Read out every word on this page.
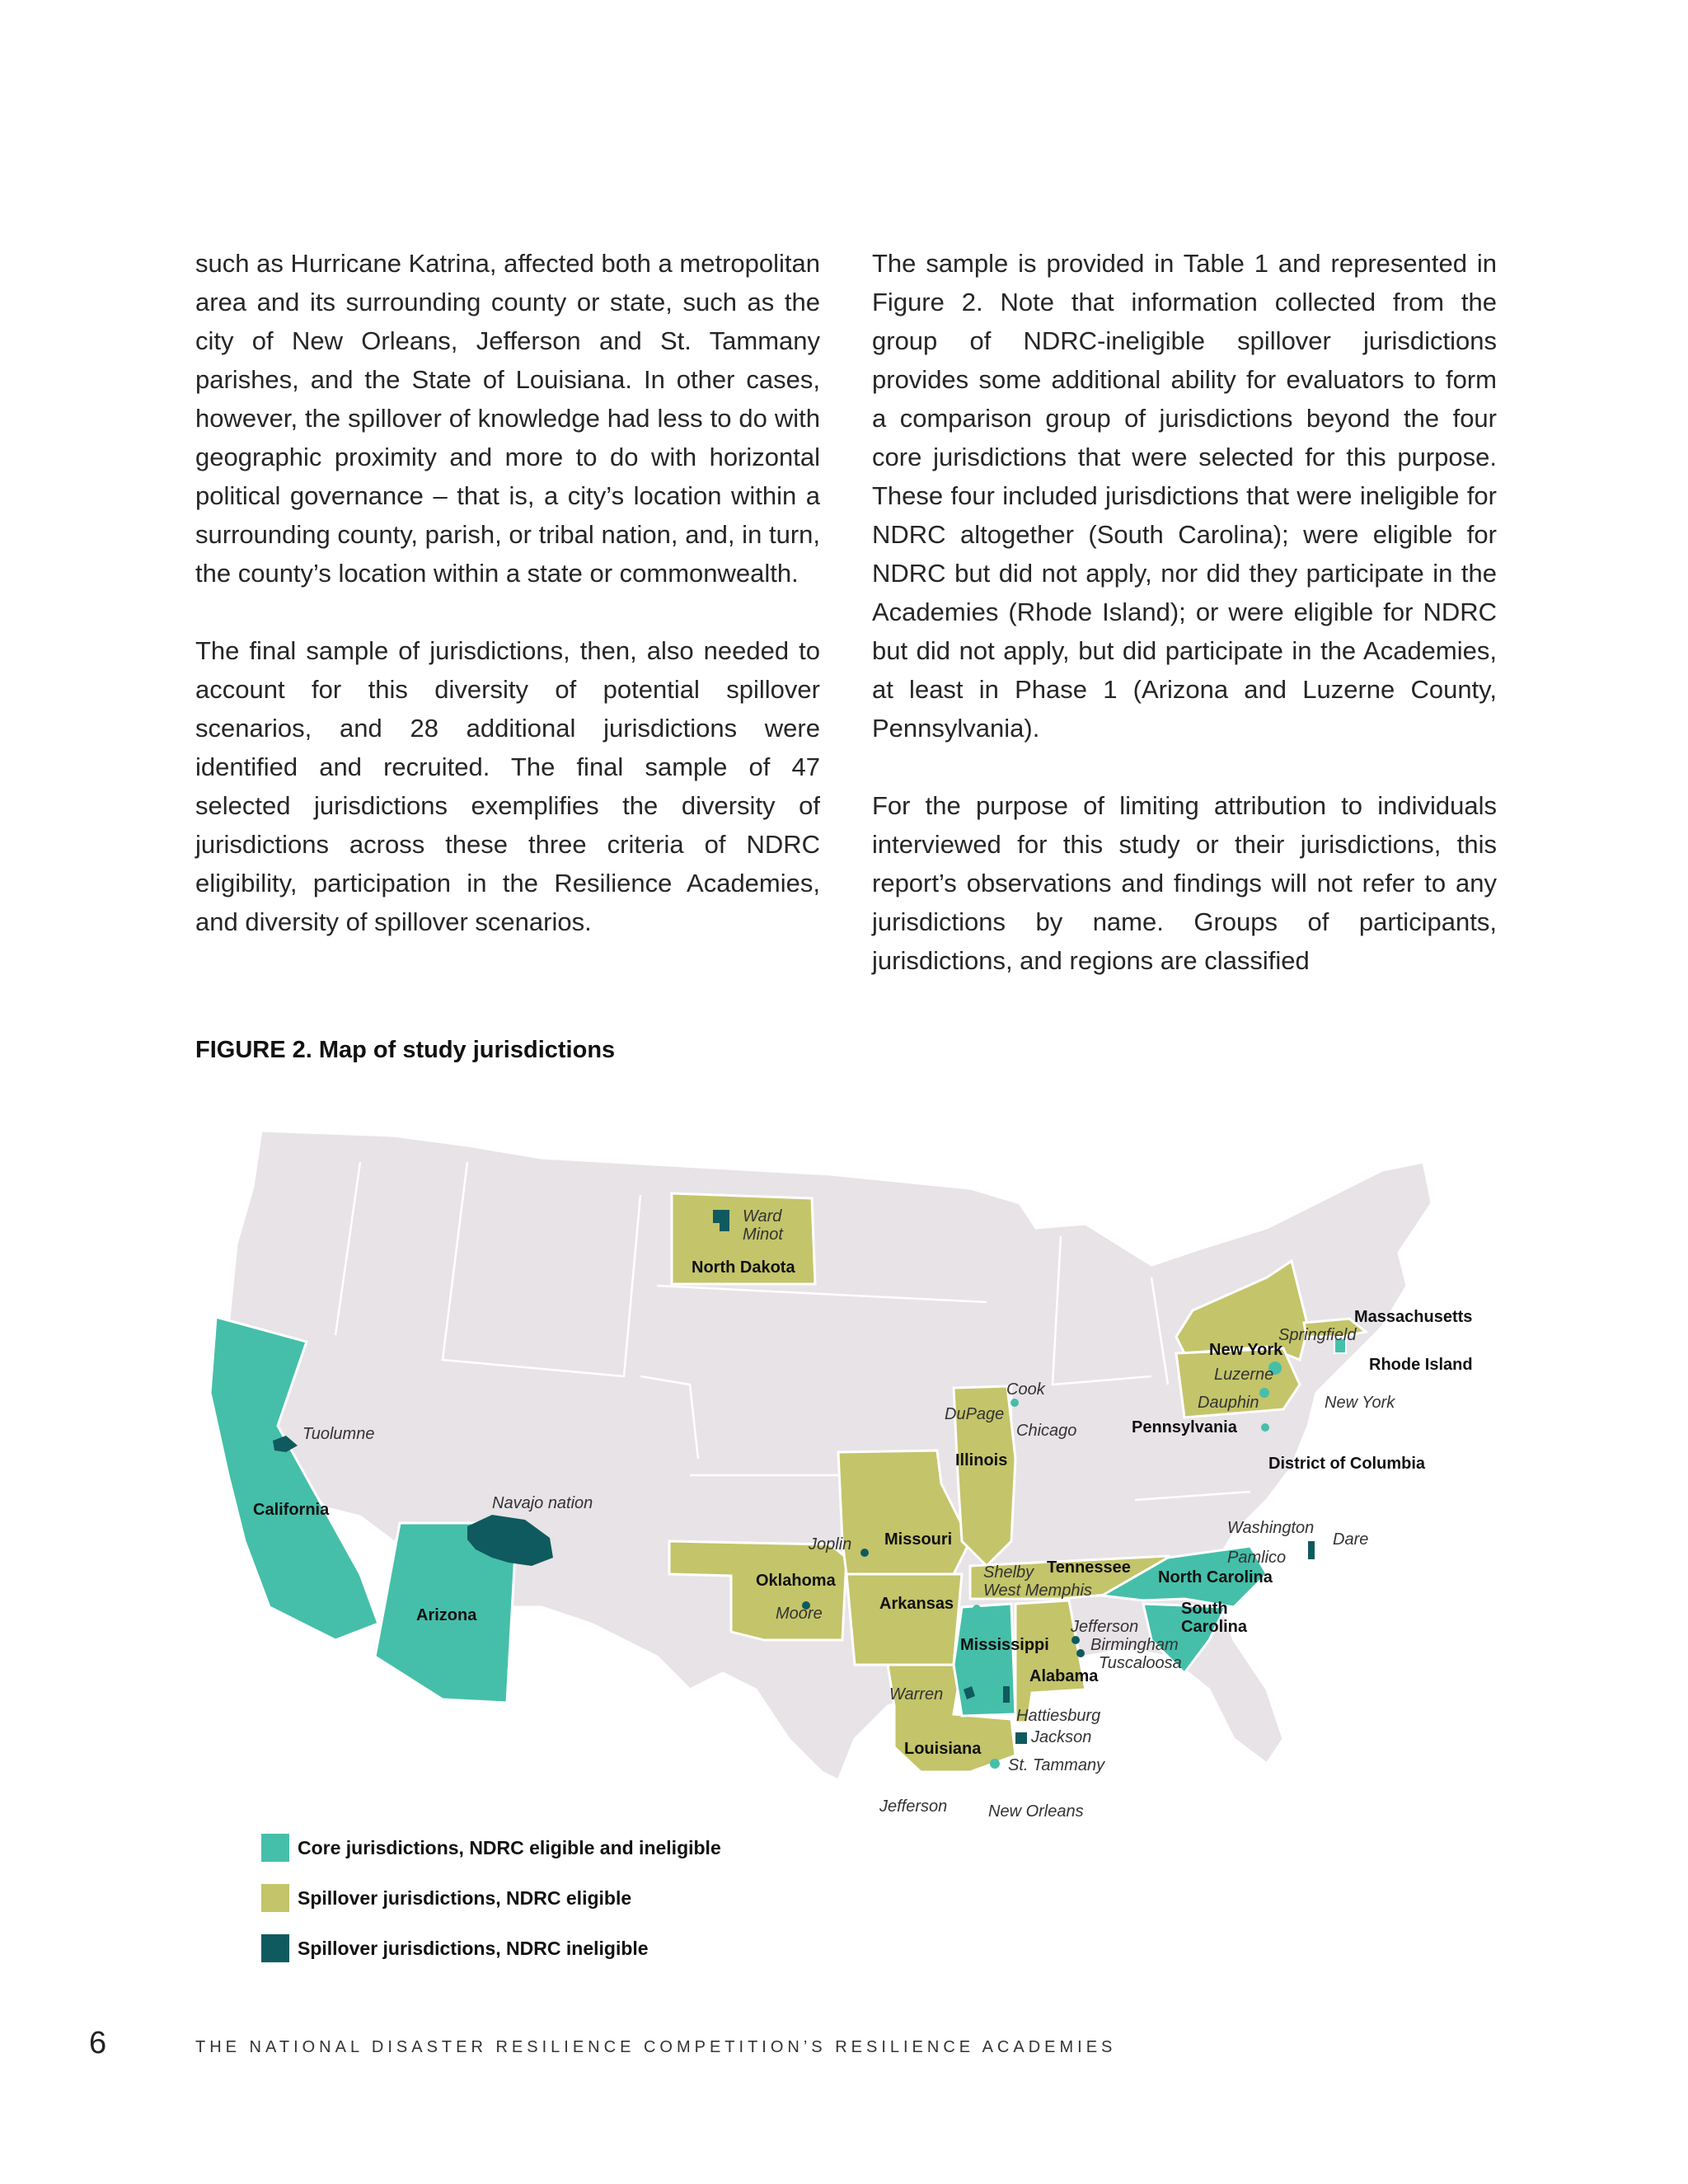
such as Hurricane Katrina, affected both a metropolitan area and its surrounding county or state, such as the city of New Orleans, Jefferson and St. Tammany parishes, and the State of Louisiana. In other cases, however, the spillover of knowledge had less to do with geographic proximity and more to do with horizontal political governance – that is, a city’s location within a surrounding county, parish, or tribal nation, and, in turn, the county’s location within a state or commonwealth.

The final sample of jurisdictions, then, also needed to account for this diversity of potential spillover scenarios, and 28 additional jurisdictions were identified and recruited. The final sample of 47 selected jurisdictions exemplifies the diversity of jurisdictions across these three criteria of NDRC eligibility, participation in the Resilience Academies, and diversity of spillover scenarios.

The sample is provided in Table 1 and represented in Figure 2. Note that information collected from the group of NDRC-ineligible spillover jurisdictions provides some additional ability for evaluators to form a comparison group of jurisdictions beyond the four core jurisdictions that were selected for this purpose. These four included jurisdictions that were ineligible for NDRC altogether (South Carolina); were eligible for NDRC but did not apply, nor did they participate in the Academies (Rhode Island); or were eligible for NDRC but did not apply, but did participate in the Academies, at least in Phase 1 (Arizona and Luzerne County, Pennsylvania).

For the purpose of limiting attribution to individuals interviewed for this study or their jurisdictions, this report’s observations and findings will not refer to any jurisdictions by name. Groups of participants, jurisdictions, and regions are classified

FIGURE 2. Map of study jurisdictions
North Dakota
California
Arizona
Oklahoma
Missouri
Arkansas
Illinois
Mississippi
Alabama
Louisiana
Tennessee
North Carolina
South
Carolina
New York
Pennsylvania
Massachusetts
Rhode Island
District of Columbia
Ward
Minot
Tuolumne
Navajo nation
Joplin
Moore
Cook
DuPage
Chicago
Shelby
West Memphis
Jefferson
Birmingham
Tuscaloosa
Warren
Hattiesburg
Jackson
St. Tammany
Jefferson New Orleans
Springfield
Luzerne
Dauphin	New York
Washington
Dare
Pamlico
Core jurisdictions, NDRC eligible and ineligible
Spillover jurisdictions, NDRC eligible
Spillover jurisdictions, NDRC ineligible
6	THE NATIONAL DISASTER RESILIENCE COMPETITION’S RESILIENCE ACADEMIES
